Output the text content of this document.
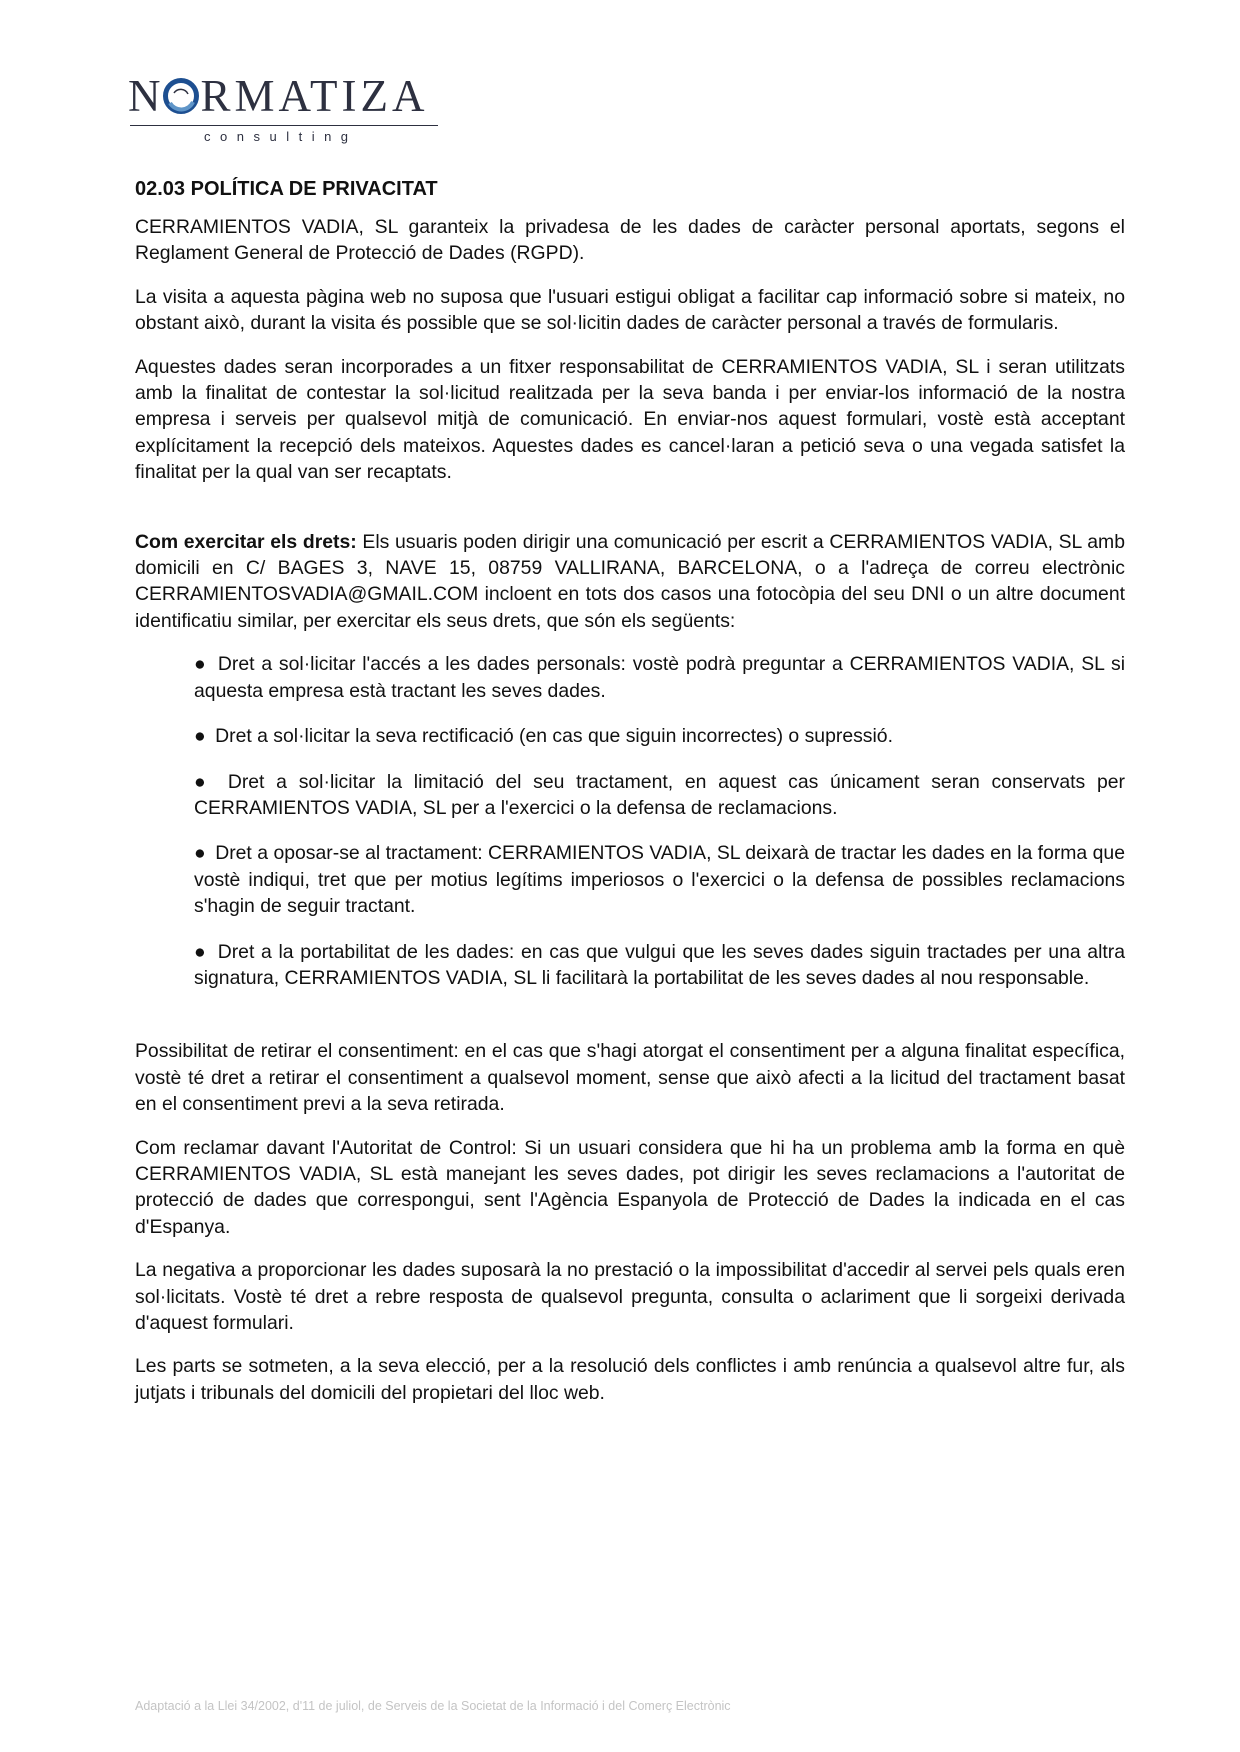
N RMATIZA
consulting
02.03 POLÍTICA DE PRIVACITAT

CERRAMIENTOS VADIA, SL garanteix la privadesa de les dades de caràcter personal aportats, segons el Reglament General de Protecció de Dades (RGPD).

La visita a aquesta pàgina web no suposa que l'usuari estigui obligat a facilitar cap informació sobre si mateix, no obstant això, durant la visita és possible que se sol·licitin dades de caràcter personal a través de formularis.

Aquestes dades seran incorporades a un fitxer responsabilitat de CERRAMIENTOS VADIA, SL i seran utilitzats amb la finalitat de contestar la sol·licitud realitzada per la seva banda i per enviar-los informació de la nostra empresa i serveis per qualsevol mitjà de comunicació. En enviar-nos aquest formulari, vostè està acceptant explícitament la recepció dels mateixos. Aquestes dades es cancel·laran a petició seva o una vegada satisfet la finalitat per la qual van ser recaptats.

Com exercitar els drets: Els usuaris poden dirigir una comunicació per escrit a CERRAMIENTOS VADIA, SL amb domicili en C/ BAGES 3, NAVE 15, 08759 VALLIRANA, BARCELONA, o a l'adreça de correu electrònic CERRAMIENTOSVADIA@GMAIL.COM incloent en tots dos casos una fotocòpia del seu DNI o un altre document identificatiu similar, per exercitar els seus drets, que són els següents:

● Dret a sol·licitar l'accés a les dades personals: vostè podrà preguntar a CERRAMIENTOS VADIA, SL si aquesta empresa està tractant les seves dades.

● Dret a sol·licitar la seva rectificació (en cas que siguin incorrectes) o supressió.

● Dret a sol·licitar la limitació del seu tractament, en aquest cas únicament seran conservats per CERRAMIENTOS VADIA, SL per a l'exercici o la defensa de reclamacions.

● Dret a oposar-se al tractament: CERRAMIENTOS VADIA, SL deixarà de tractar les dades en la forma que vostè indiqui, tret que per motius legítims imperiosos o l'exercici o la defensa de possibles reclamacions s'hagin de seguir tractant.

● Dret a la portabilitat de les dades: en cas que vulgui que les seves dades siguin tractades per una altra signatura, CERRAMIENTOS VADIA, SL li facilitarà la portabilitat de les seves dades al nou responsable.

Possibilitat de retirar el consentiment: en el cas que s'hagi atorgat el consentiment per a alguna finalitat específica, vostè té dret a retirar el consentiment a qualsevol moment, sense que això afecti a la licitud del tractament basat en el consentiment previ a la seva retirada.

Com reclamar davant l'Autoritat de Control: Si un usuari considera que hi ha un problema amb la forma en què CERRAMIENTOS VADIA, SL està manejant les seves dades, pot dirigir les seves reclamacions a l'autoritat de protecció de dades que correspongui, sent l'Agència Espanyola de Protecció de Dades la indicada en el cas d'Espanya.

La negativa a proporcionar les dades suposarà la no prestació o la impossibilitat d'accedir al servei pels quals eren sol·licitats. Vostè té dret a rebre resposta de qualsevol pregunta, consulta o aclariment que li sorgeixi derivada d'aquest formulari.

Les parts se sotmeten, a la seva elecció, per a la resolució dels conflictes i amb renúncia a qualsevol altre fur, als jutjats i tribunals del domicili del propietari del lloc web.

Adaptació a la Llei 34/2002, d'11 de juliol, de Serveis de la Societat de la Informació i del Comerç Electrònic
